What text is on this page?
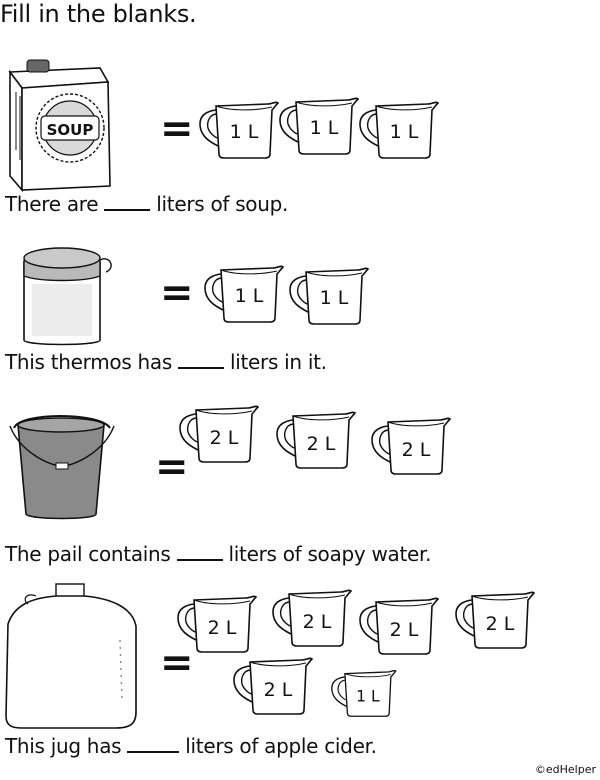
Fill in the blanks.
SOUP = 1 L	1 L	1 L
= 1 L	1 L
=
2 L	2 L	2 L
=
2 L	2 L	2 L	2 L
2 L	1 L
There are	liters of soup.
This thermos has	liters in it.
The pail contains	liters of soapy water.
This jug has	liters of apple cider.
©edHelper
